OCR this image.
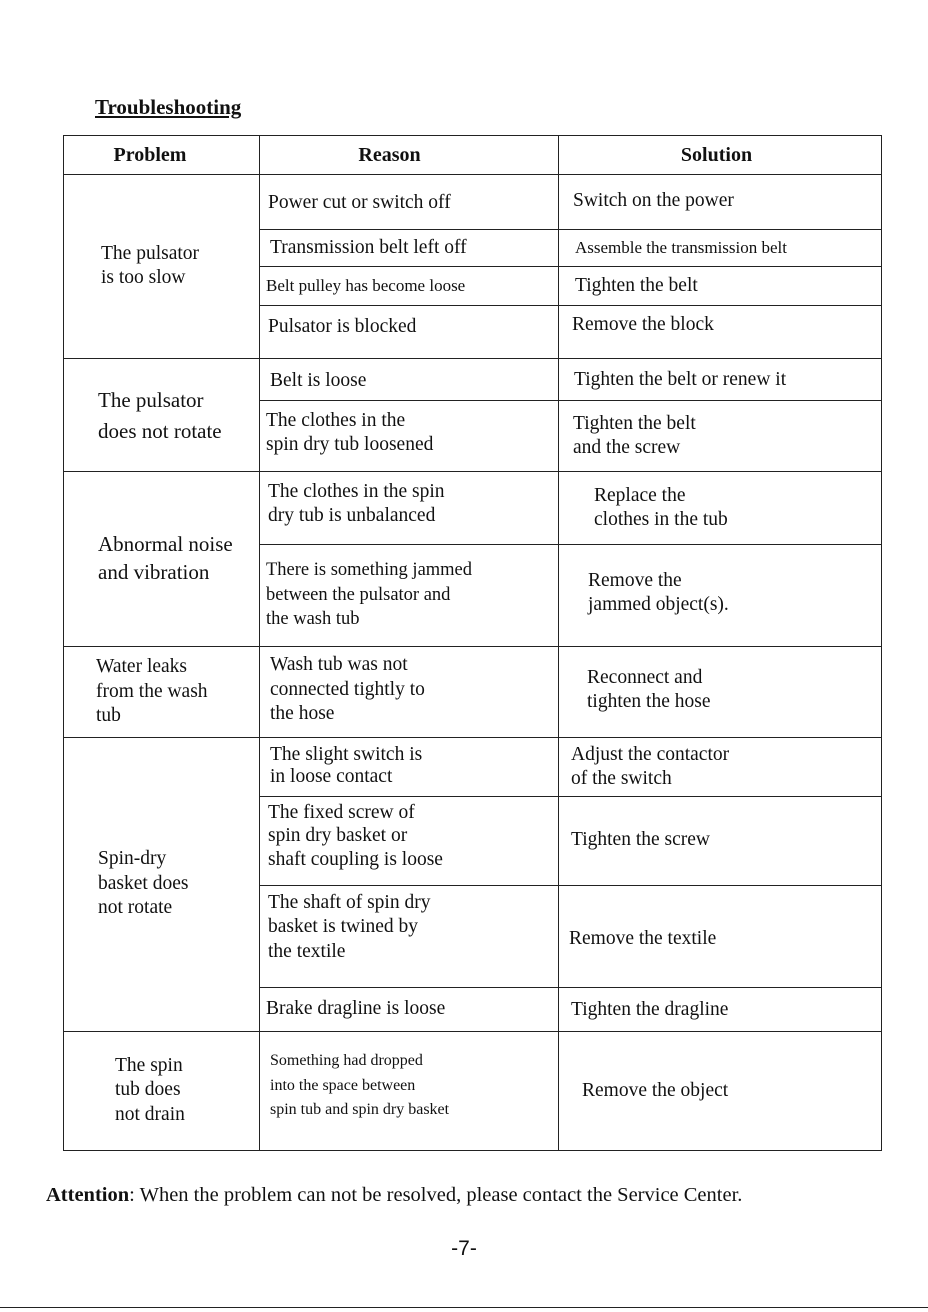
Troubleshooting
Problem	Reason	Solution
The pulsator
is too slow
The pulsator
does not rotate
Abnormal noise
and vibration
Water leaks
from the wash
tub
Spin-dry
basket does
not rotate
The spin
tub does
not drain
Power cut or switch off
Transmission belt left off
Belt pulley has become loose
Pulsator is blocked
Belt is loose
The clothes in the
spin dry tub loosened
The clothes in the spin
dry tub is unbalanced
There is something jammed
between the pulsator and
the wash tub
Wash tub was not
connected tightly to
the hose
The slight switch is
in loose contact
The fixed screw of
spin dry basket or
shaft coupling is loose
The shaft of spin dry
basket is twined by
the textile
Brake dragline is loose
Something had dropped
into the space between
spin tub and spin dry basket
Switch on the power
Assemble the transmission belt
Tighten the belt
Remove the block
Tighten the belt or renew it
Tighten the belt
and the screw
Replace the
clothes in the tub
Remove the
jammed object(s).
Reconnect and
tighten the hose
Adjust the contactor
of the switch
Tighten the screw
Remove the textile
Tighten the dragline
Remove the object
Attention: When the problem can not be resolved, please contact the Service Center.
-7-
